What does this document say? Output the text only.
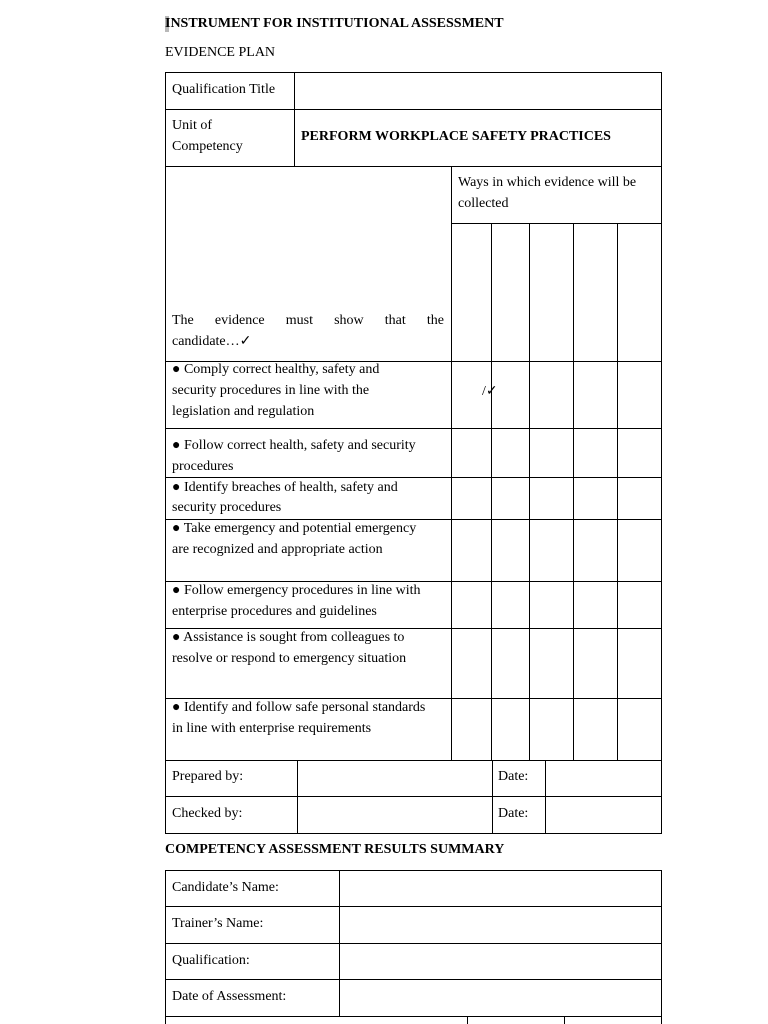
INSTRUMENT FOR INSTITUTIONAL ASSESSMENT
EVIDENCE PLAN
Qualification Title
Unit of
Competency
PERFORM WORKPLACE SAFETY PRACTICES
Ways in which evidence will be
collected
The evidence must show that the
candidate…✓
● Comply correct healthy, safety and
security procedures in line with the
legislation and regulation
/✓
● Follow correct health, safety and security
procedures
● Identify breaches of health, safety and
security procedures
● Take emergency and potential emergency
are recognized and appropriate action
● Follow emergency procedures in line with
enterprise procedures and guidelines
● Assistance is sought from colleagues to
resolve or respond to emergency situation
● Identify and follow safe personal standards
in line with enterprise requirements
Prepared by:	Date:
Checked by:	Date:
COMPETENCY ASSESSMENT RESULTS SUMMARY
Candidate’s Name:
Trainer’s Name:
Qualification:
Date of Assessment:
